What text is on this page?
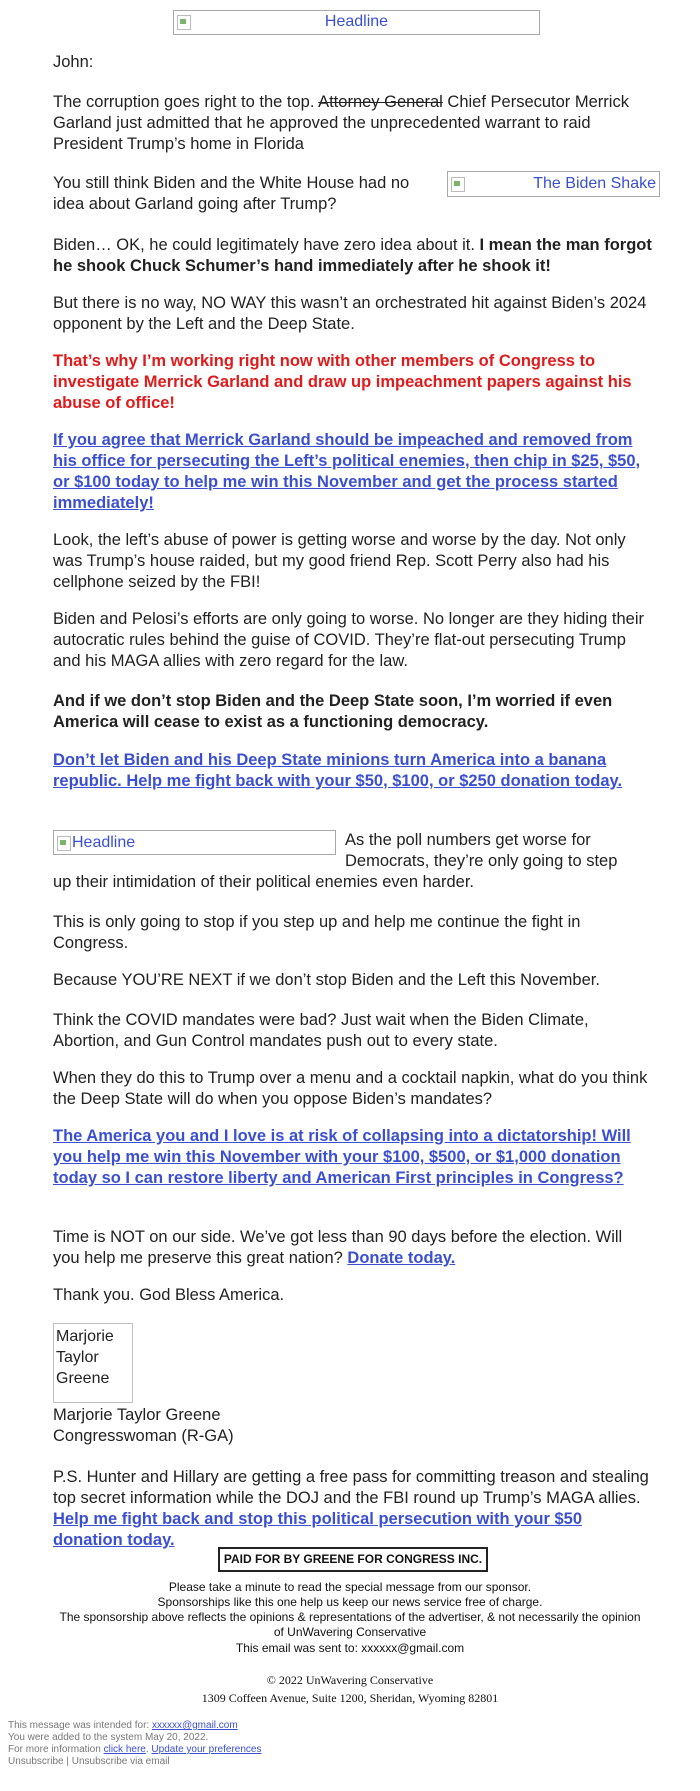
Headline

John:

The corruption goes right to the top. Attorney General Chief Persecutor Merrick Garland just admitted that he approved the unprecedented warrant to raid President Trump’s home in Florida

You still think Biden and the White House had no idea about Garland going after Trump?

The Biden Shake

Biden… OK, he could legitimately have zero idea about it. I mean the man forgot he shook Chuck Schumer’s hand immediately after he shook it!

But there is no way, NO WAY this wasn’t an orchestrated hit against Biden’s 2024 opponent by the Left and the Deep State.

That’s why I’m working right now with other members of Congress to investigate Merrick Garland and draw up impeachment papers against his abuse of office!

If you agree that Merrick Garland should be impeached and removed from his office for persecuting the Left’s political enemies, then chip in $25, $50, or $100 today to help me win this November and get the process started immediately!

Look, the left’s abuse of power is getting worse and worse by the day. Not only was Trump’s house raided, but my good friend Rep. Scott Perry also had his cellphone seized by the FBI!

Biden and Pelosi’s efforts are only going to worse. No longer are they hiding their autocratic rules behind the guise of COVID. They’re flat-out persecuting Trump and his MAGA allies with zero regard for the law.

And if we don’t stop Biden and the Deep State soon, I’m worried if even America will cease to exist as a functioning democracy.

Don’t let Biden and his Deep State minions turn America into a banana republic. Help me fight back with your $50, $100, or $250 donation today.

Headline	As the poll numbers get worse for Democrats, they’re only going to step

up their intimidation of their political enemies even harder.

This is only going to stop if you step up and help me continue the fight in Congress.

Because YOU’RE NEXT if we don’t stop Biden and the Left this November.

Think the COVID mandates were bad? Just wait when the Biden Climate, Abortion, and Gun Control mandates push out to every state.

When they do this to Trump over a menu and a cocktail napkin, what do you think the Deep State will do when you oppose Biden’s mandates?

The America you and I love is at risk of collapsing into a dictatorship! Will you help me win this November with your $100, $500, or $1,000 donation today so I can restore liberty and American First principles in Congress?

Time is NOT on our side. We’ve got less than 90 days before the election. Will you help me preserve this great nation? Donate today.

Thank you. God Bless America.

Marjorie Taylor Greene

Marjorie Taylor Greene

Congresswoman (R-GA)

P.S. Hunter and Hillary are getting a free pass for committing treason and stealing top secret information while the DOJ and the FBI round up Trump’s MAGA allies. Help me fight back and stop this political persecution with your $50 donation today.

PAID FOR BY GREENE FOR CONGRESS INC.
Please take a minute to read the special message from our sponsor.
Sponsorships like this one help us keep our news service free of charge.
The sponsorship above reflects the opinions & representations of the advertiser, & not necessarily the opinion
of UnWavering Conservative
This email was sent to: xxxxxx@gmail.com
© 2022 UnWavering Conservative
1309 Coffeen Avenue, Suite 1200, Sheridan, Wyoming 82801
This message was intended for: xxxxxx@gmail.com
You were added to the system May 20, 2022.
For more information click here. Update your preferences
Unsubscribe | Unsubscribe via email
